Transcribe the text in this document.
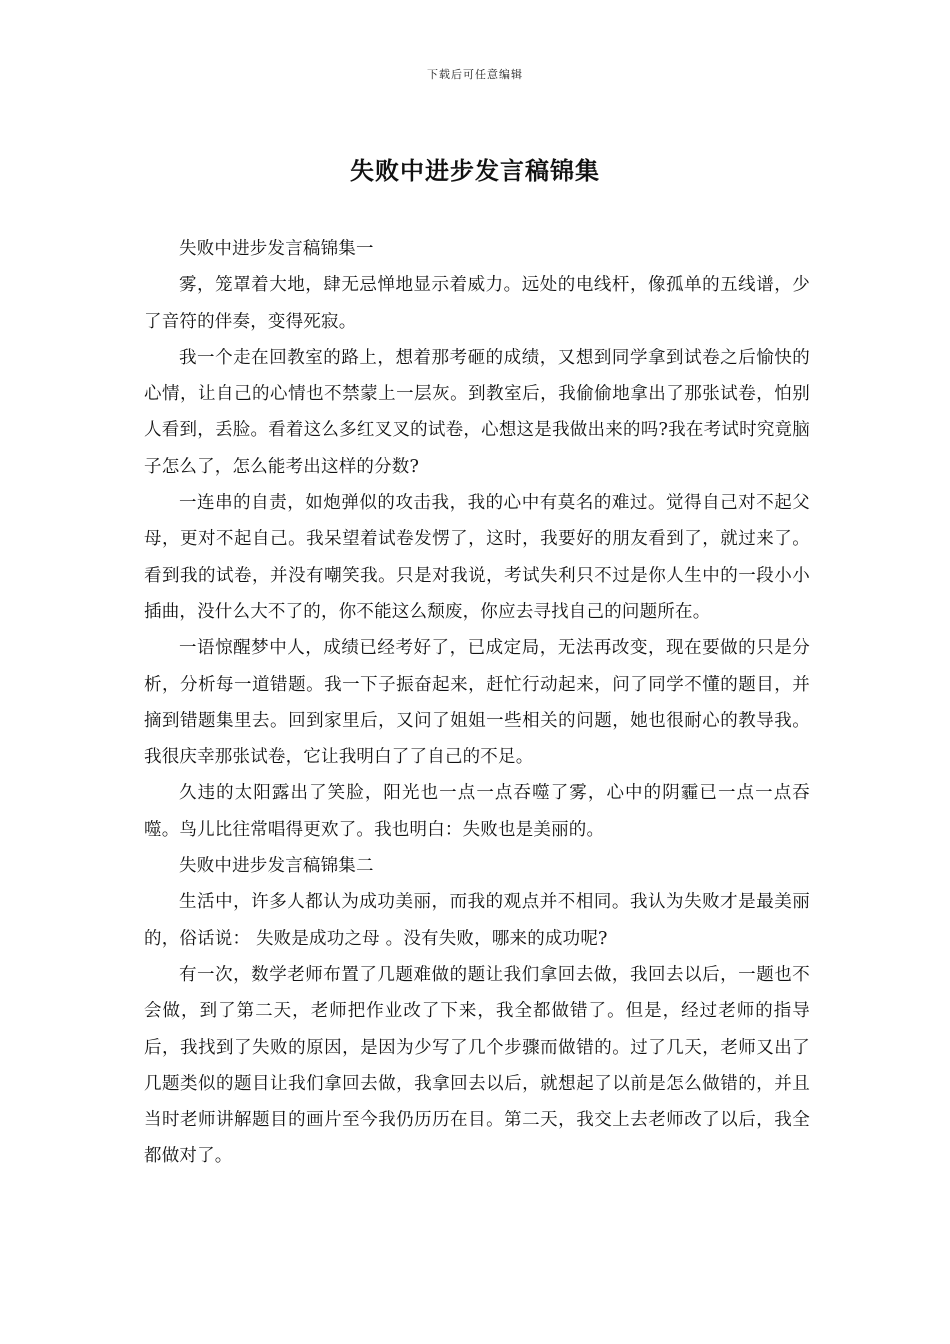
下载后可任意编辑
失败中进步发言稿锦集

失败中进步发言稿锦集一

雾，笼罩着大地，肆无忌惮地显示着威力。远处的电线杆，像孤单的五线谱，少了音符的伴奏，变得死寂。

我一个走在回教室的路上，想着那考砸的成绩，又想到同学拿到试卷之后愉快的心情，让自己的心情也不禁蒙上一层灰。到教室后，我偷偷地拿出了那张试卷，怕别人看到，丢脸。看着这么多红叉叉的试卷，心想这是我做出来的吗?我在考试时究竟脑子怎么了，怎么能考出这样的分数?

一连串的自责，如炮弹似的攻击我，我的心中有莫名的难过。觉得自己对不起父母，更对不起自己。我呆望着试卷发愣了，这时，我要好的朋友看到了，就过来了。看到我的试卷，并没有嘲笑我。只是对我说，考试失利只不过是你人生中的一段小小插曲，没什么大不了的，你不能这么颓废，你应去寻找自己的问题所在。

一语惊醒梦中人，成绩已经考好了，已成定局，无法再改变，现在要做的只是分析，分析每一道错题。我一下子振奋起来，赶忙行动起来，问了同学不懂的题目，并摘到错题集里去。回到家里后，又问了姐姐一些相关的问题，她也很耐心的教导我。我很庆幸那张试卷，它让我明白了了自己的不足。

久违的太阳露出了笑脸，阳光也一点一点吞噬了雾，心中的阴霾已一点一点吞噬。鸟儿比往常唱得更欢了。我也明白：失败也是美丽的。

失败中进步发言稿锦集二

生活中，许多人都认为成功美丽，而我的观点并不相同。我认为失败才是最美丽的，俗话说： 失败是成功之母 。没有失败，哪来的成功呢?

有一次，数学老师布置了几题难做的题让我们拿回去做，我回去以后，一题也不会做，到了第二天，老师把作业改了下来，我全都做错了。但是，经过老师的指导后，我找到了失败的原因，是因为少写了几个步骤而做错的。过了几天，老师又出了几题类似的题目让我们拿回去做，我拿回去以后，就想起了以前是怎么做错的，并且当时老师讲解题目的画片至今我仍历历在目。第二天，我交上去老师改了以后，我全都做对了。
